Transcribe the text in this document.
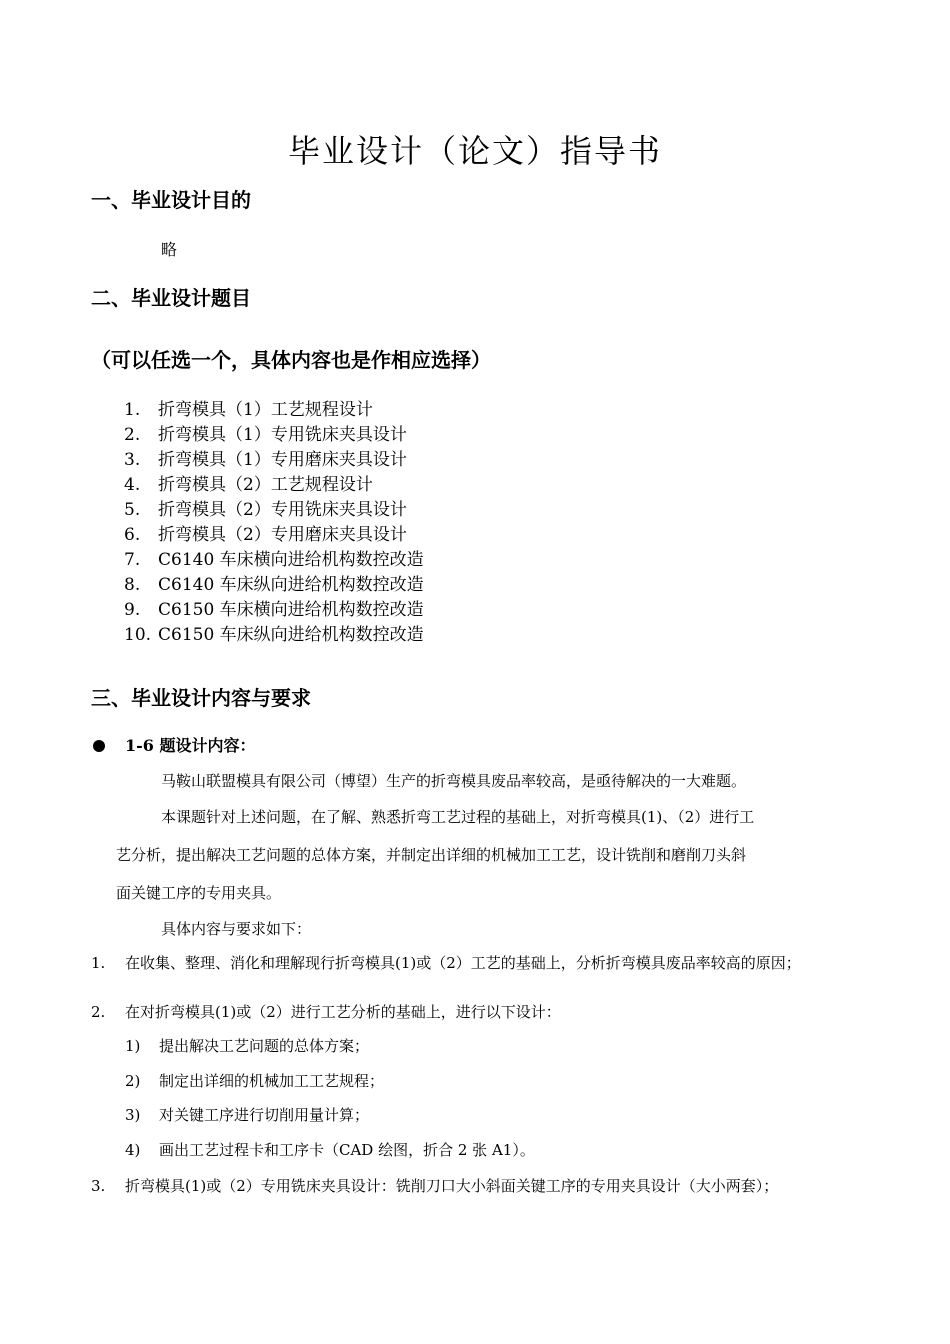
毕业设计（论文）指导书
一、毕业设计目的
略
二、毕业设计题目
（可以任选一个，具体内容也是作相应选择）
1.	折弯模具（1）工艺规程设计
2.	折弯模具（1）专用铣床夹具设计
3.	折弯模具（1）专用磨床夹具设计
4.	折弯模具（2）工艺规程设计
5.	折弯模具（2）专用铣床夹具设计
6.	折弯模具（2）专用磨床夹具设计
7.	C6140 车床横向进给机构数控改造
8.	C6140 车床纵向进给机构数控改造
9.	C6150 车床横向进给机构数控改造
10. C6150 车床纵向进给机构数控改造
三、毕业设计内容与要求
1-6 题设计内容：
马鞍山联盟模具有限公司（博望）生产的折弯模具废品率较高，是亟待解决的一大难题。
本课题针对上述问题，在了解、熟悉折弯工艺过程的基础上，对折弯模具(1)、（2）进行工
艺分析，提出解决工艺问题的总体方案，并制定出详细的机械加工工艺，设计铣削和磨削刀头斜
面关键工序的专用夹具。
具体内容与要求如下：
1. 在收集、整理、消化和理解现行折弯模具(1)或（2）工艺的基础上，分析折弯模具废品率较高的原因；
2. 在对折弯模具(1)或（2）进行工艺分析的基础上，进行以下设计：
1) 提出解决工艺问题的总体方案；
2) 制定出详细的机械加工工艺规程；
3) 对关键工序进行切削用量计算；
4) 画出工艺过程卡和工序卡（CAD 绘图，折合 2 张 A1）。
3. 折弯模具(1)或（2）专用铣床夹具设计：铣削刀口大小斜面关键工序的专用夹具设计（大小两套）；
